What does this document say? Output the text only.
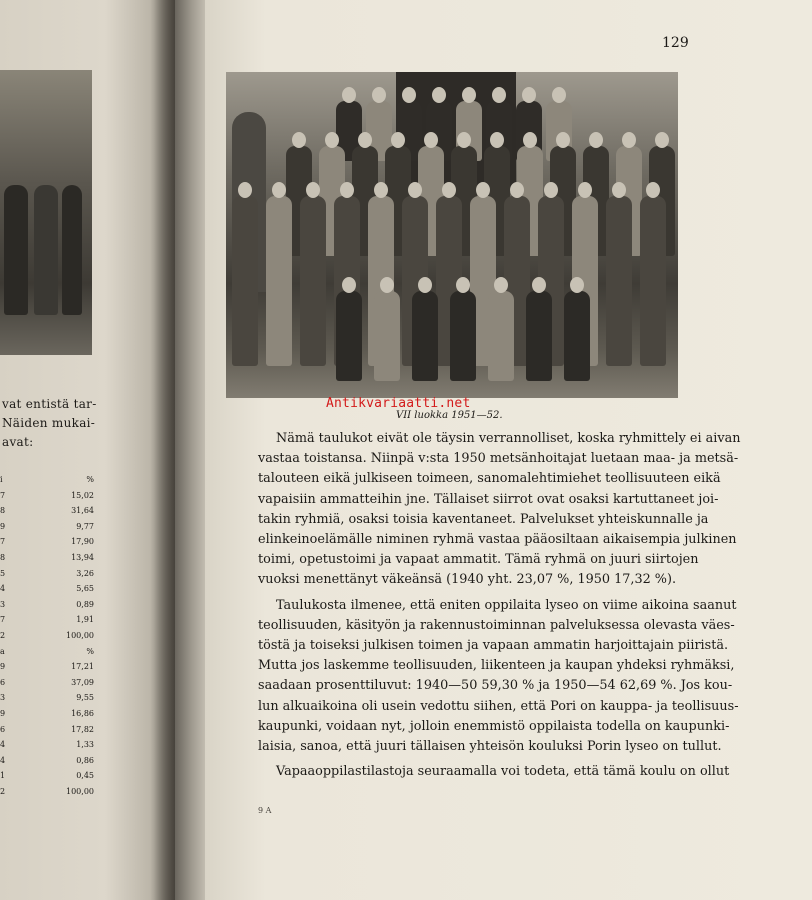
vat entistä tar-
Näiden mukai-
avat:
i	%
7	15,02
8	31,64
9	9,77
7	17,90
8	13,94
5	3,26
4	5,65
3	0,89
7	1,91
2	100,00
a	%
9	17,21
6	37,09
3	9,55
9	16,86
6	17,82
4	1,33
4	0,86
1	0,45
2	100,00
129
Antikvariaatti.net
VII luokka 1951—52.

Nämä taulukot eivät ole täysin verrannolliset, koska ryhmittely ei aivan
vastaa toistansa. Niinpä v:sta 1950 metsänhoitajat luetaan maa- ja metsä-
talouteen eikä julkiseen toimeen, sanomalehtimiehet teollisuuteen eikä
vapaisiin ammatteihin jne. Tällaiset siirrot ovat osaksi kartuttaneet joi-
takin ryhmiä, osaksi toisia kaventaneet. Palvelukset yhteiskunnalle ja
elinkeinoelämälle niminen ryhmä vastaa pääosiltaan aikaisempia julkinen
toimi, opetustoimi ja vapaat ammatit. Tämä ryhmä on juuri siirtojen
vuoksi menettänyt väkeänsä (1940 yht. 23,07 %, 1950 17,32 %).

Taulukosta ilmenee, että eniten oppilaita lyseo on viime aikoina saanut
teollisuuden, käsityön ja rakennustoiminnan palveluksessa olevasta väes-
töstä ja toiseksi julkisen toimen ja vapaan ammatin harjoittajain piiristä.
Mutta jos laskemme teollisuuden, liikenteen ja kaupan yhdeksi ryhmäksi,
saadaan prosenttiluvut: 1940—50 59,30 % ja 1950—54 62,69 %. Jos kou-
lun alkuaikoina oli usein vedottu siihen, että Pori on kauppa- ja teollisuus-
kaupunki, voidaan nyt, jolloin enemmistö oppilaista todella on kaupunki-
laisia, sanoa, että juuri tällaisen yhteisön kouluksi Porin lyseo on tullut.

Vapaaoppilastilastoja seuraamalla voi todeta, että tämä koulu on ollut

9 A
